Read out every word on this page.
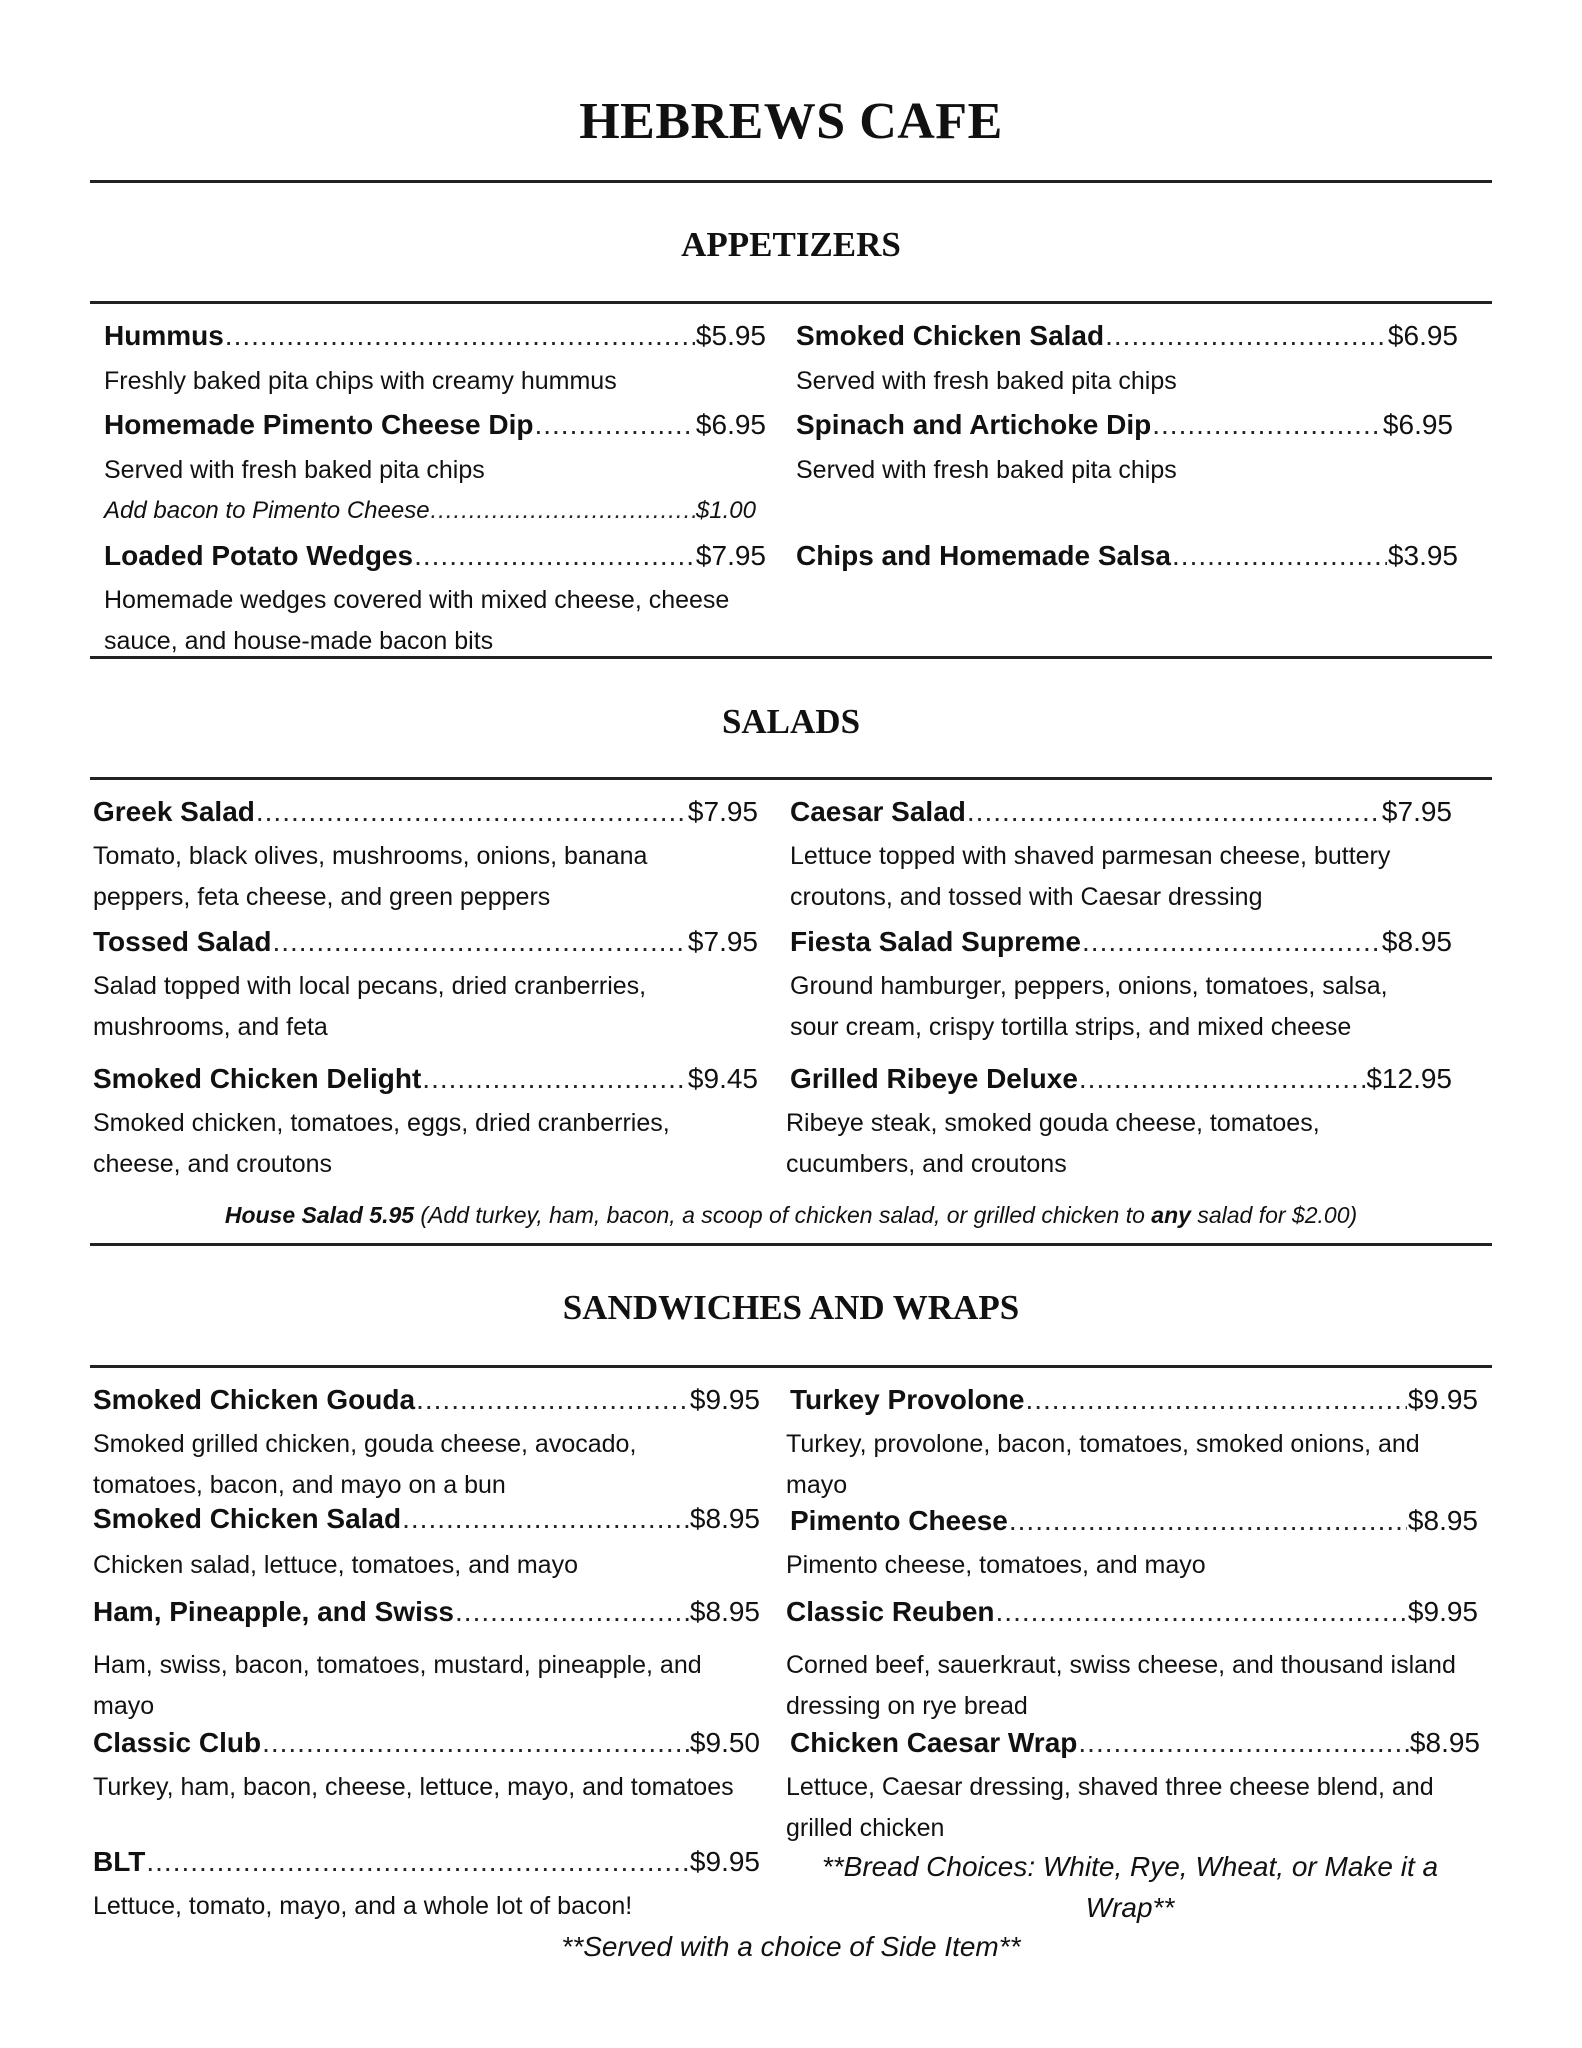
HEBREWS CAFE
APPETIZERS
Hummus .....	$5.95
Freshly baked pita chips with creamy hummus
Homemade Pimento Cheese Dip .....	$6.95
Served with fresh baked pita chips
Add bacon to Pimento Cheese .....	$1.00
Loaded Potato Wedges .....	$7.95
Homemade wedges covered with mixed cheese, cheese sauce, and house-made bacon bits
Smoked Chicken Salad .....	$6.95
Served with fresh baked pita chips
Spinach and Artichoke Dip .....	$6.95
Served with fresh baked pita chips
Chips and Homemade Salsa .....	$3.95
SALADS
Greek Salad .....	$7.95
Tomato, black olives, mushrooms, onions, banana peppers, feta cheese, and green peppers
Tossed Salad .....	$7.95
Salad topped with local pecans, dried cranberries, mushrooms, and feta
Smoked Chicken Delight .....	$9.45
Smoked chicken, tomatoes, eggs, dried cranberries, cheese, and croutons
Caesar Salad .....	$7.95
Lettuce topped with shaved parmesan cheese, buttery croutons, and tossed with Caesar dressing
Fiesta Salad Supreme .....	$8.95
Ground hamburger, peppers, onions, tomatoes, salsa, sour cream, crispy tortilla strips, and mixed cheese
Grilled Ribeye Deluxe .....	$12.95
Ribeye steak, smoked gouda cheese, tomatoes, cucumbers, and croutons
House Salad 5.95 (Add turkey, ham, bacon, a scoop of chicken salad, or grilled chicken to any salad for $2.00)
SANDWICHES AND WRAPS
Smoked Chicken Gouda .....	$9.95
Smoked grilled chicken, gouda cheese, avocado, tomatoes, bacon, and mayo on a bun
Smoked Chicken Salad .....	$8.95
Chicken salad, lettuce, tomatoes, and mayo
Ham, Pineapple, and Swiss .....	$8.95
Ham, swiss, bacon, tomatoes, mustard, pineapple, and mayo
Classic Club .....	$9.50
Turkey, ham, bacon, cheese, lettuce, mayo, and tomatoes
BLT .....	$9.95
Lettuce, tomato, mayo, and a whole lot of bacon!
Turkey Provolone .....	$9.95
Turkey, provolone, bacon, tomatoes, smoked onions, and mayo
Pimento Cheese .....	$8.95
Pimento cheese, tomatoes, and mayo
Classic Reuben .....	$9.95
Corned beef, sauerkraut, swiss cheese, and thousand island dressing on rye bread
Chicken Caesar Wrap .....	$8.95
Lettuce, Caesar dressing, shaved three cheese blend, and grilled chicken
**Bread Choices: White, Rye, Wheat, or Make it a Wrap**
**Served with a choice of Side Item**
